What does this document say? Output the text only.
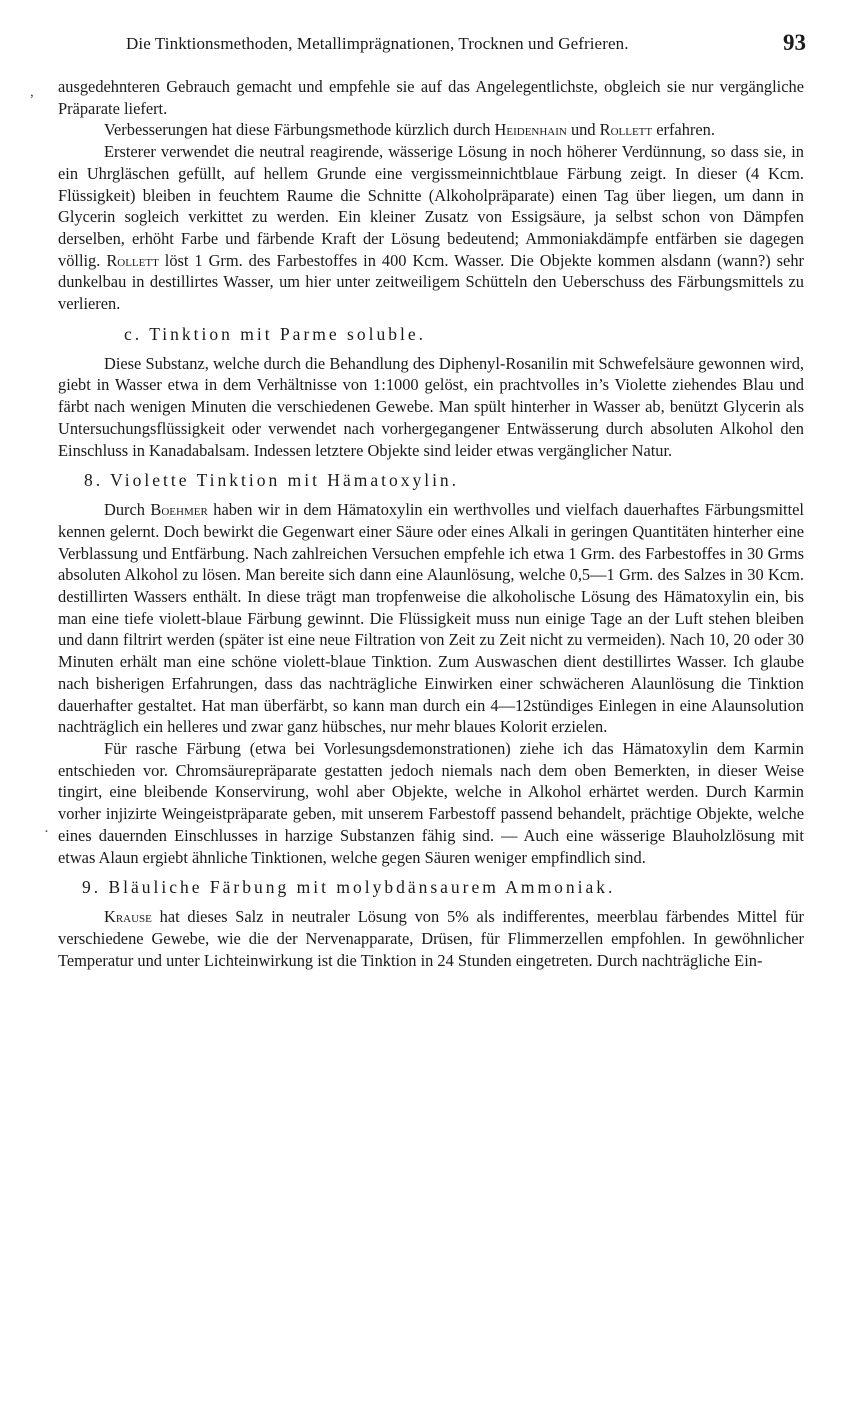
Die Tinktionsmethoden, Metallimprägnationen, Trocknen und Gefrieren.	93
, ausgedehnteren Gebrauch gemacht und empfehle sie auf das Angelegentlichste, obgleich sie nur vergängliche Präparate liefert.

Verbesserungen hat diese Färbungsmethode kürzlich durch Heidenhain und Rollett erfahren.

Ersterer verwendet die neutral reagirende, wässerige Lösung in noch höherer Verdünnung, so dass sie, in ein Uhrgläschen gefüllt, auf hellem Grunde eine vergissmeinnichtblaue Färbung zeigt. In dieser (4 Kcm. Flüssigkeit) bleiben in feuchtem Raume die Schnitte (Alkoholpräparate) einen Tag über liegen, um dann in Glycerin sogleich verkittet zu werden. Ein kleiner Zusatz von Essigsäure, ja selbst schon von Dämpfen derselben, erhöht Farbe und färbende Kraft der Lösung bedeutend; Ammoniakdämpfe entfärben sie dagegen völlig. Rollett löst 1 Grm. des Farbestoffes in 400 Kcm. Wasser. Die Objekte kommen alsdann (wann?) sehr dunkelbau in destillirtes Wasser, um hier unter zeitweiligem Schütteln den Ueberschuss des Färbungsmittels zu verlieren.

c. Tinktion mit Parme soluble.

Diese Substanz, welche durch die Behandlung des Diphenyl-Rosanilin mit Schwefelsäure gewonnen wird, giebt in Wasser etwa in dem Verhältnisse von 1:1000 gelöst, ein prachtvolles in’s Violette ziehendes Blau und färbt nach wenigen Minuten die verschiedenen Gewebe. Man spült hinterher in Wasser ab, benützt Glycerin als Untersuchungsflüssigkeit oder verwendet nach vorhergegangener Entwässerung durch absoluten Alkohol den Einschluss in Kanadabalsam. Indessen letztere Objekte sind leider etwas vergänglicher Natur.

8. Violette Tinktion mit Hämatoxylin.

Durch Boehmer haben wir in dem Hämatoxylin ein werthvolles und vielfach dauerhaftes Färbungsmittel kennen gelernt. Doch bewirkt die Gegenwart einer Säure oder eines Alkali in geringen Quantitäten hinterher eine Verblassung und Entfärbung. Nach zahlreichen Versuchen empfehle ich etwa 1 Grm. des Farbestoffes in 30 Grms absoluten Alkohol zu lösen. Man bereite sich dann eine Alaunlösung, welche 0,5—1 Grm. des Salzes in 30 Kcm. destillirten Wassers enthält. In diese trägt man tropfenweise die alkoholische Lösung des Hämatoxylin ein, bis man eine tiefe violett-blaue Färbung gewinnt. Die Flüssigkeit muss nun einige Tage an der Luft stehen bleiben und dann filtrirt werden (später ist eine neue Filtration von Zeit zu Zeit nicht zu vermeiden). Nach 10, 20 oder 30 Minuten erhält man eine schöne violett-blaue Tinktion. Zum Auswaschen dient destillirtes Wasser. Ich glaube nach bisherigen Erfahrungen, dass das nachträgliche Einwirken einer schwächeren Alaunlösung die Tinktion dauerhafter gestaltet. Hat man überfärbt, so kann man durch ein 4—12stündiges Einlegen in eine Alaunsolution nachträglich ein helleres und zwar ganz hübsches, nur mehr blaues Kolorit erzielen.

Für rasche Färbung (etwa bei Vorlesungsdemonstrationen) ziehe ich das Hämatoxylin dem Karmin entschieden vor. Chromsäurepräparate gestatten jedoch niemals nach dem oben Bemerkten, in dieser Weise tingirt, eine bleibende Konservirung, wohl aber Objekte, welche in Alkohol erhärtet werden. Durch Karmin vorher injizirte Weingeistpräparate geben, mit unserem Farbestoff passend behandelt, prächtige Objekte, welche eines dauernden Einschlusses in harzige Substanzen fähig sind. — Auch eine wässerige Blauholzlösung mit etwas Alaun ergiebt ähnliche Tinktionen, welche gegen Säuren weniger empfindlich sind.

9. Bläuliche Färbung mit molybdänsaurem Ammoniak.

Krause hat dieses Salz in neutraler Lösung von 5% als indifferentes, meerblau färbendes Mittel für verschiedene Gewebe, wie die der Nervenapparate, Drüsen, für Flimmerzellen empfohlen. In gewöhnlicher Temperatur und unter Lichteinwirkung ist die Tinktion in 24 Stunden eingetreten. Durch nachträgliche Ein-

·
